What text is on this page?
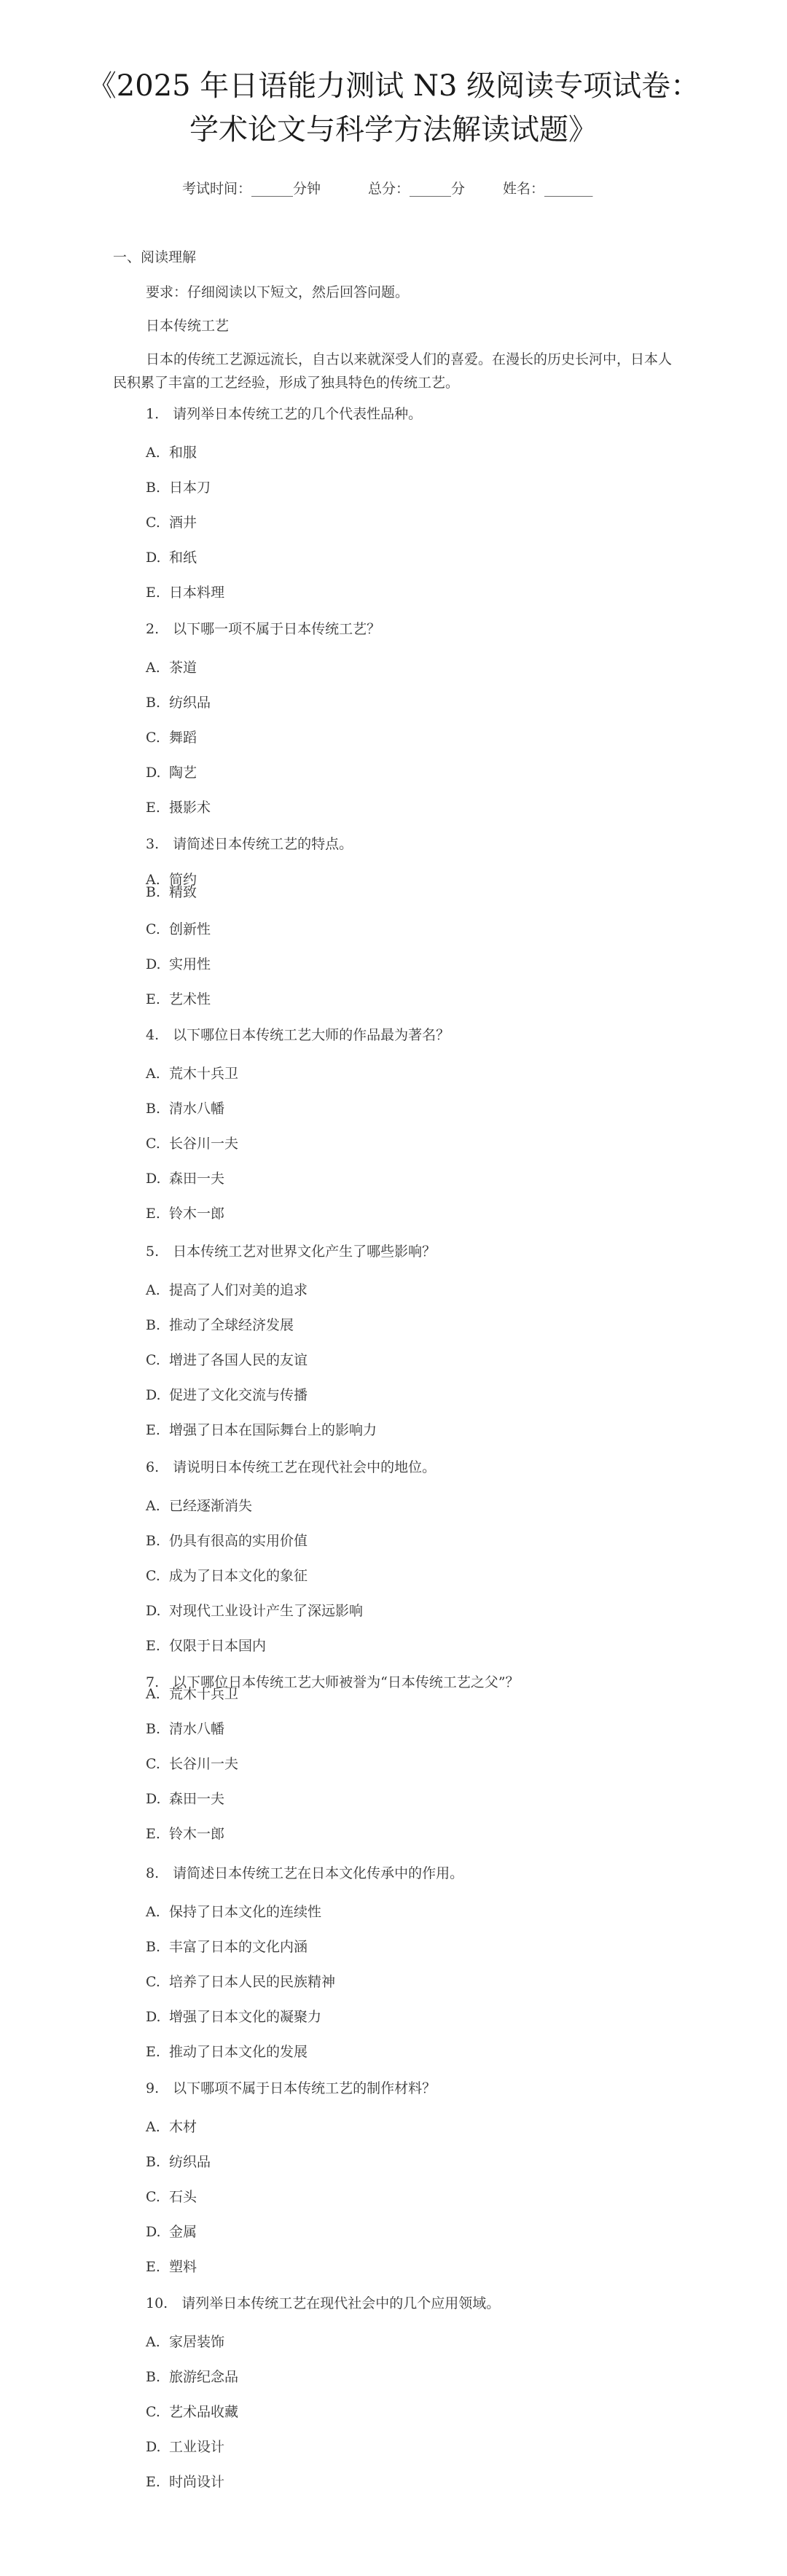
《2025 年日语能力测试 N3 级阅读专项试卷：
学术论文与科学方法解读试题》
考试时间：______分钟	总分：______分	姓名：_______
一、阅读理解
要求：仔细阅读以下短文，然后回答问题。
日本传统工艺
日本的传统工艺源远流长，自古以来就深受人们的喜爱。在漫长的历史长河中，日本人民积累了丰富的工艺经验，形成了独具特色的传统工艺。
1.　请列举日本传统工艺的几个代表性品种。
A. 和服
B. 日本刀
C. 酒井
D. 和纸
E. 日本料理
2.　以下哪一项不属于日本传统工艺？
A. 茶道
B. 纺织品
C. 舞蹈
D. 陶艺
E. 摄影术
3.　请简述日本传统工艺的特点。
A. 简约
B. 精致
C. 创新性
D. 实用性
E. 艺术性
4.　以下哪位日本传统工艺大师的作品最为著名？
A. 荒木十兵卫
B. 清水八幡
C. 长谷川一夫
D. 森田一夫
E. 铃木一郎
5.　日本传统工艺对世界文化产生了哪些影响？
A. 提高了人们对美的追求
B. 推动了全球经济发展
C. 增进了各国人民的友谊
D. 促进了文化交流与传播
E. 增强了日本在国际舞台上的影响力
6.　请说明日本传统工艺在现代社会中的地位。
A. 已经逐渐消失
B. 仍具有很高的实用价值
C. 成为了日本文化的象征
D. 对现代工业设计产生了深远影响
E. 仅限于日本国内
7.　以下哪位日本传统工艺大师被誉为“日本传统工艺之父”？
A. 荒木十兵卫
B. 清水八幡
C. 长谷川一夫
D. 森田一夫
E. 铃木一郎
8.　请简述日本传统工艺在日本文化传承中的作用。
A. 保持了日本文化的连续性
B. 丰富了日本的文化内涵
C. 培养了日本人民的民族精神
D. 增强了日本文化的凝聚力
E. 推动了日本文化的发展
9.　以下哪项不属于日本传统工艺的制作材料？
A. 木材
B. 纺织品
C. 石头
D. 金属
E. 塑料
10.　请列举日本传统工艺在现代社会中的几个应用领域。
A. 家居装饰
B. 旅游纪念品
C. 艺术品收藏
D. 工业设计
E. 时尚设计
